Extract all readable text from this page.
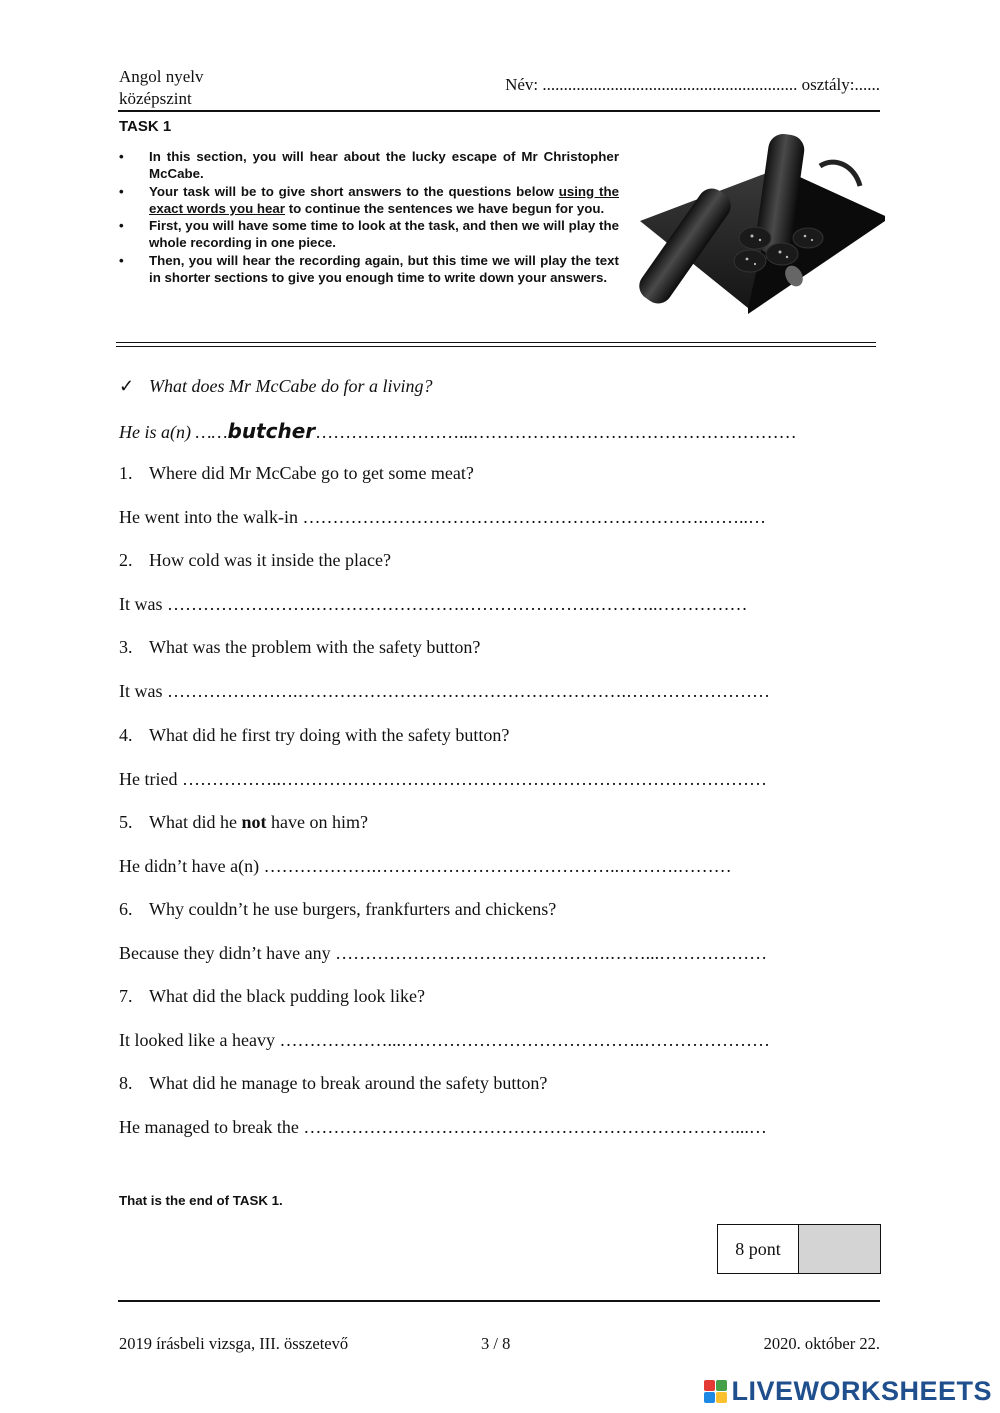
Angol nyelv
középszint
Név: ............................................................ osztály:......
TASK 1
• In this section, you will hear about the lucky escape of Mr Christopher McCabe.
• Your task will be to give short answers to the questions below using the exact words you hear to continue the sentences we have begun for you.
• First, you will have some time to look at the task, and then we will play the whole recording in one piece.
• Then, you will hear the recording again, but this time we will play the text in shorter sections to give you enough time to write down your answers.
✓ What does Mr McCabe do for a living?
He is a(n) ……butcher……………………...………………………………………………
1. Where did Mr McCabe go to get some meat?
He went into the walk-in ………………………………………………………….……..…
2. How cold was it inside the place?
It was …………………….…………………….………………….………..……………
3. What was the problem with the safety button?
It was ………………….……………………………………………….……………………
4. What did he first try doing with the safety button?
He tried ……………..………………………………………………………………………
5. What did he not have on him?
He didn’t have a(n) ……………….…………………………………..……….………
6. Why couldn’t he use burgers, frankfurters and chickens?
Because they didn’t have any ……………………………………….……...………………
7. What did the black pudding look like?
It looked like a heavy ………………...…………………………………..…………………
8. What did he manage to break around the safety button?
He managed to break the ………………………………………………………………...…
That is the end of TASK 1.
8 pont
2019 írásbeli vizsga, III. összetevő	3 / 8	2020. október 22.
LIVEWORKSHEETS
